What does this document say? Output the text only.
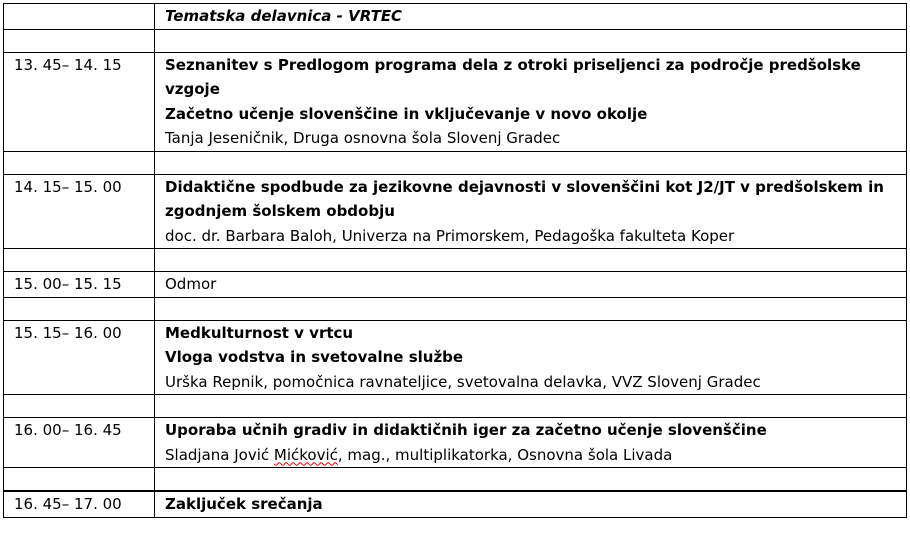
	Tematska delavnica - VRTEC

13. 45– 14. 15	Seznanitev s Predlogom programa dela z otroki priseljenci za področje predšolske vzgoje
Začetno učenje slovenščine in vključevanje v novo okolje
Tanja Jeseničnik, Druga osnovna šola Slovenj Gradec

14. 15– 15. 00	Didaktične spodbude za jezikovne dejavnosti v slovenščini kot J2/JT v predšolskem in zgodnjem šolskem obdobju
doc. dr. Barbara Baloh, Univerza na Primorskem, Pedagoška fakulteta Koper

15. 00– 15. 15	Odmor

15. 15– 16. 00	Medkulturnost v vrtcu
Vloga vodstva in svetovalne službe
Urška Repnik, pomočnica ravnateljice, svetovalna delavka, VVZ Slovenj Gradec

16. 00– 16. 45	Uporaba učnih gradiv in didaktičnih iger za začetno učenje slovenščine
Sladjana Jović Mićković, mag., multiplikatorka, Osnovna šola Livada

16. 45– 17. 00	Zaključek srečanja
